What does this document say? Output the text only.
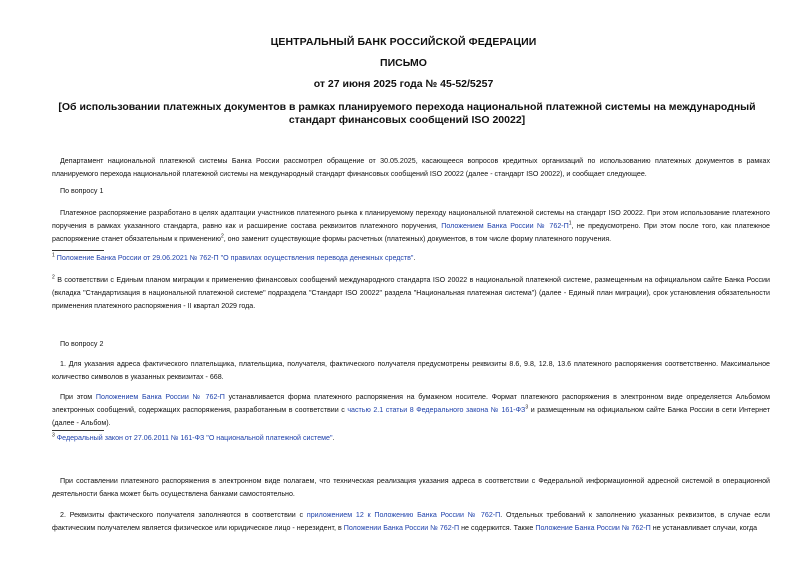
ЦЕНТРАЛЬНЫЙ БАНК РОССИЙСКОЙ ФЕДЕРАЦИИ
ПИСЬМО
от 27 июня 2025 года № 45-52/5257
[Об использовании платежных документов в рамках планируемого перехода национальной платежной системы на международный стандарт финансовых сообщений ISO 20022]
Департамент национальной платежной системы Банка России рассмотрел обращение от 30.05.2025, касающееся вопросов кредитных организаций по использованию платежных документов в рамках планируемого перехода национальной платежной системы на международный стандарт финансовых сообщений ISO 20022 (далее - стандарт ISO 20022), и сообщает следующее.
По вопросу 1
Платежное распоряжение разработано в целях адаптации участников платежного рынка к планируемому переходу национальной платежной системы на стандарт ISO 20022. При этом использование платежного поручения в рамках указанного стандарта, равно как и расширение состава реквизитов платежного поручения, Положением Банка России № $762-П^1$, не предусмотрено. При этом после того, как платежное распоряжение станет обязательным к применению$^2$, оно заменит существующие формы расчетных (платежных) документов, в том числе форму платежного поручения.
$^1$ Положение Банка России от 29.06.2021 № 762-П "О правилах осуществления перевода денежных средств".
$^2$ В соответствии с Единым планом миграции к применению финансовых сообщений международного стандарта ISO 20022 в национальной платежной системе, размещенным на официальном сайте Банка России (вкладка "Стандартизация в национальной платежной системе" подраздела "Стандарт ISO 20022" раздела "Национальная платежная система") (далее - Единый план миграции), срок установления обязательности применения платежного распоряжения - II квартал 2029 года.
По вопросу 2
1. Для указания адреса фактического плательщика, плательщика, получателя, фактического получателя предусмотрены реквизиты 8.6, 9.8, 12.8, 13.6 платежного распоряжения соответственно. Максимальное количество символов в указанных реквизитах - 668.
При этом Положением Банка России № 762-П устанавливается форма платежного распоряжения на бумажном носителе. Формат платежного распоряжения в электронном виде определяется Альбомом электронных сообщений, содержащих распоряжения, разработанным в соответствии с частью 2.1 статьи 8 Федерального закона № $161-ФЗ^3$ и размещенным на официальном сайте Банка России в сети Интернет (далее - Альбом).
$^3$ Федеральный закон от 27.06.2011 № 161-ФЗ "О национальной платежной системе".
При составлении платежного распоряжения в электронном виде полагаем, что техническая реализация указания адреса в соответствии с Федеральной информационной адресной системой в операционной деятельности банка может быть осуществлена банками самостоятельно.
2. Реквизиты фактического получателя заполняются в соответствии с приложением 12 к Положению Банка России № 762-П. Отдельных требований к заполнению указанных реквизитов, в случае если фактическим получателем является физическое или юридическое лицо - нерезидент, в Положении Банка России № 762-П не содержится. Также Положение Банка России № 762-П не устанавливает случаи, когда
